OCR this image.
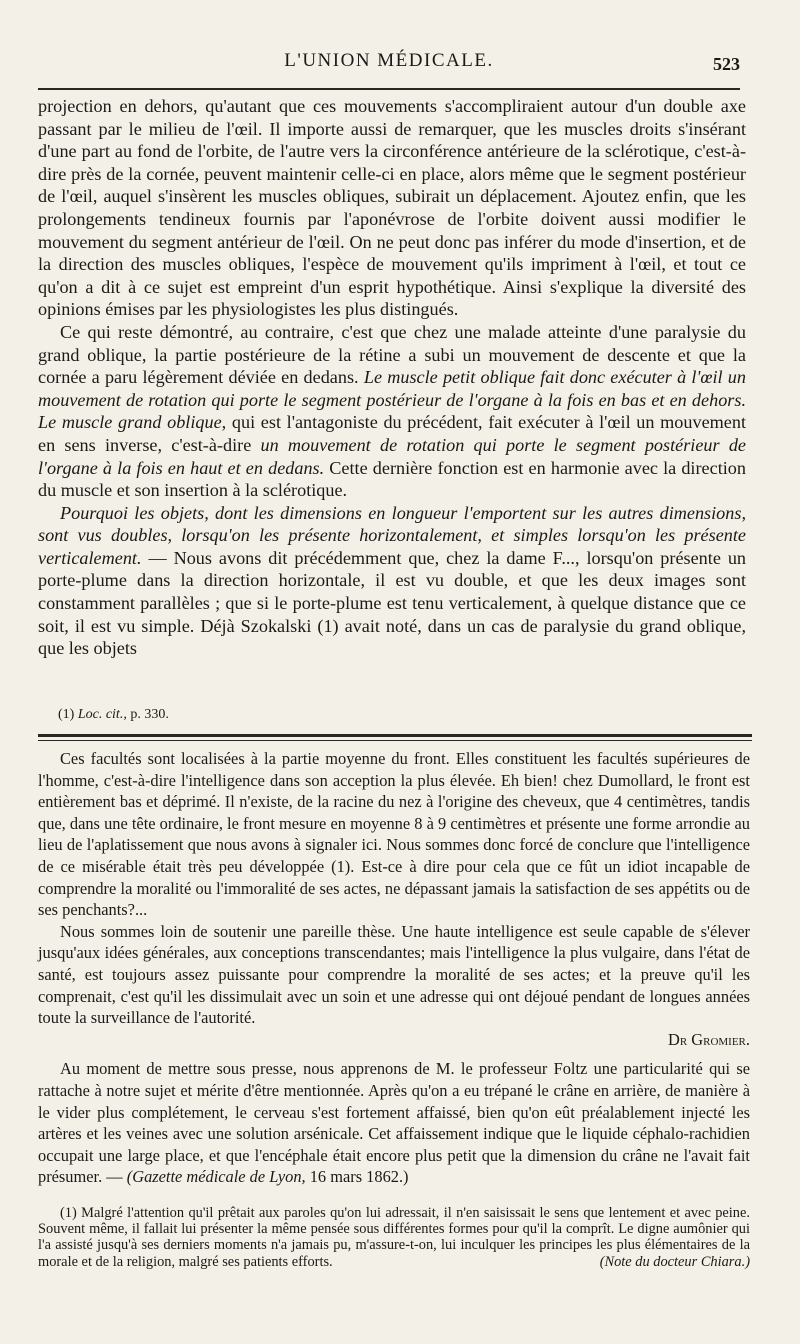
L'UNION MÉDICALE.	523

projection en dehors, qu'autant que ces mouvements s'accompliraient autour d'un double axe passant par le milieu de l'œil. Il importe aussi de remarquer, que les muscles droits s'insérant d'une part au fond de l'orbite, de l'autre vers la circonférence antérieure de la sclérotique, c'est-à-dire près de la cornée, peuvent maintenir celle-ci en place, alors même que le segment postérieur de l'œil, auquel s'insèrent les muscles obliques, subirait un déplacement. Ajoutez enfin, que les prolongements tendineux fournis par l'aponévrose de l'orbite doivent aussi modifier le mouvement du segment antérieur de l'œil. On ne peut donc pas inférer du mode d'insertion, et de la direction des muscles obliques, l'espèce de mouvement qu'ils impriment à l'œil, et tout ce qu'on a dit à ce sujet est empreint d'un esprit hypothétique. Ainsi s'explique la diversité des opinions émises par les physiologistes les plus distingués.

Ce qui reste démontré, au contraire, c'est que chez une malade atteinte d'une paralysie du grand oblique, la partie postérieure de la rétine a subi un mouvement de descente et que la cornée a paru légèrement déviée en dedans. Le muscle petit oblique fait donc exécuter à l'œil un mouvement de rotation qui porte le segment postérieur de l'organe à la fois en bas et en dehors. Le muscle grand oblique, qui est l'antagoniste du précédent, fait exécuter à l'œil un mouvement en sens inverse, c'est-à-dire un mouvement de rotation qui porte le segment postérieur de l'organe à la fois en haut et en dedans. Cette dernière fonction est en harmonie avec la direction du muscle et son insertion à la sclérotique.

Pourquoi les objets, dont les dimensions en longueur l'emportent sur les autres dimensions, sont vus doubles, lorsqu'on les présente horizontalement, et simples lorsqu'on les présente verticalement. — Nous avons dit précédemment que, chez la dame F..., lorsqu'on présente un porte-plume dans la direction horizontale, il est vu double, et que les deux images sont constamment parallèles ; que si le porte-plume est tenu verticalement, à quelque distance que ce soit, il est vu simple. Déjà Szokalski (1) avait noté, dans un cas de paralysie du grand oblique, que les objets

(1) Loc. cit., p. 330.

Ces facultés sont localisées à la partie moyenne du front. Elles constituent les facultés supérieures de l'homme, c'est-à-dire l'intelligence dans son acception la plus élevée. Eh bien! chez Dumollard, le front est entièrement bas et déprimé. Il n'existe, de la racine du nez à l'origine des cheveux, que 4 centimètres, tandis que, dans une tête ordinaire, le front mesure en moyenne 8 à 9 centimètres et présente une forme arrondie au lieu de l'aplatissement que nous avons à signaler ici. Nous sommes donc forcé de conclure que l'intelligence de ce misérable était très peu développée (1). Est-ce à dire pour cela que ce fût un idiot incapable de comprendre la moralité ou l'immoralité de ses actes, ne dépassant jamais la satisfaction de ses appétits ou de ses penchants?...

Nous sommes loin de soutenir une pareille thèse. Une haute intelligence est seule capable de s'élever jusqu'aux idées générales, aux conceptions transcendantes; mais l'intelligence la plus vulgaire, dans l'état de santé, est toujours assez puissante pour comprendre la moralité de ses actes; et la preuve qu'il les comprenait, c'est qu'il les dissimulait avec un soin et une adresse qui ont déjoué pendant de longues années toute la surveillance de l'autorité.

Dr Gromier.

Au moment de mettre sous presse, nous apprenons de M. le professeur Foltz une particularité qui se rattache à notre sujet et mérite d'être mentionnée. Après qu'on a eu trépané le crâne en arrière, de manière à le vider plus complétement, le cerveau s'est fortement affaissé, bien qu'on eût préalablement injecté les artères et les veines avec une solution arsénicale. Cet affaissement indique que le liquide céphalo-rachidien occupait une large place, et que l'encéphale était encore plus petit que la dimension du crâne ne l'avait fait présumer. — (Gazette médicale de Lyon, 16 mars 1862.)

(1) Malgré l'attention qu'il prêtait aux paroles qu'on lui adressait, il n'en saisissait le sens que lentement et avec peine. Souvent même, il fallait lui présenter la même pensée sous différentes formes pour qu'il la comprît. Le digne aumônier qui l'a assisté jusqu'à ses derniers moments n'a jamais pu, m'assure-t-on, lui inculquer les principes les plus élémentaires de la morale et de la religion, malgré ses patients efforts.	(Note du docteur Chiara.)
